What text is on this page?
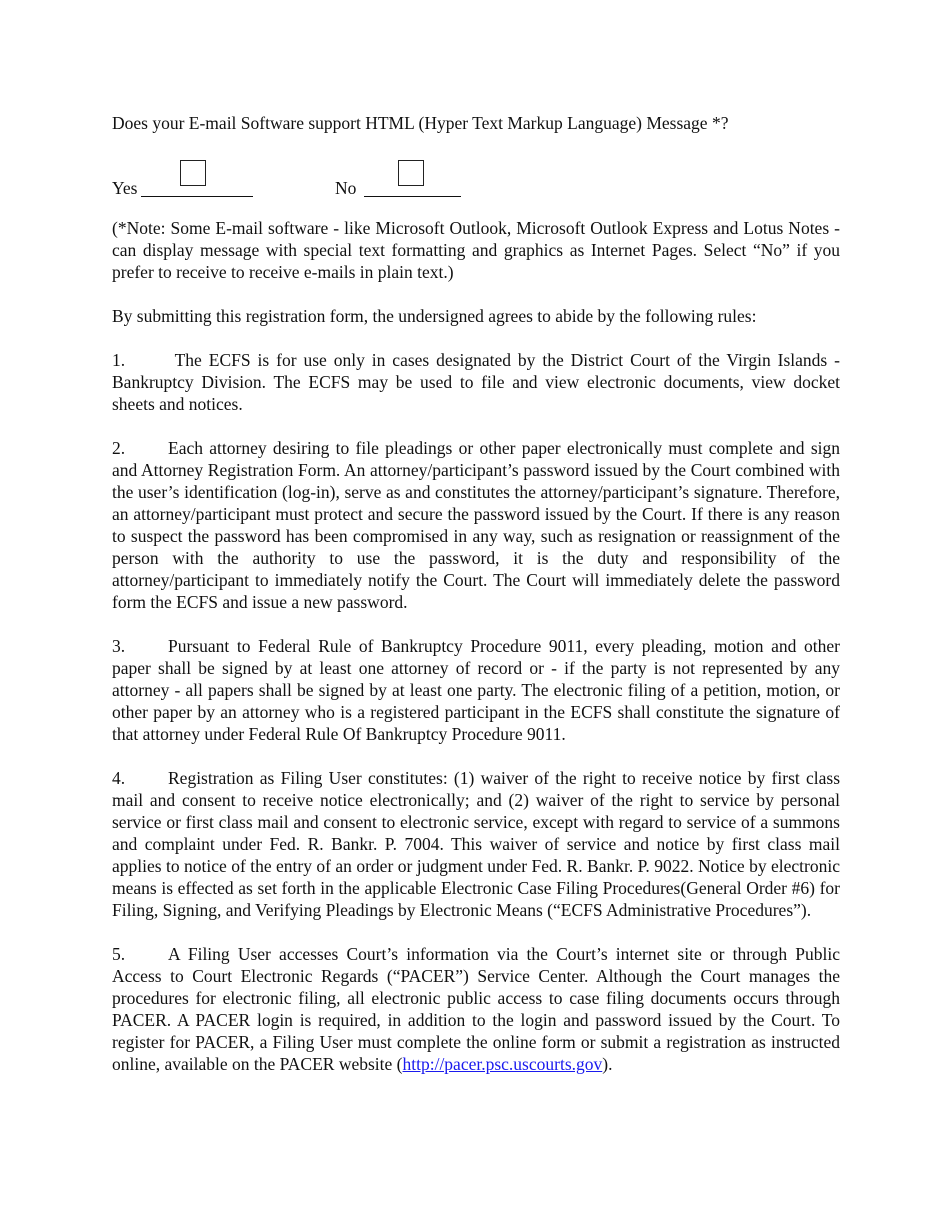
Does your E-mail Software support HTML (Hyper Text Markup Language) Message *?

Yes	No

(*Note: Some E-mail software - like Microsoft Outlook, Microsoft Outlook Express and Lotus Notes - can display message with special text formatting and graphics as Internet Pages. Select “No” if you prefer to receive to receive e-mails in plain text.)

By submitting this registration form, the undersigned agrees to abide by the following rules:

1. The ECFS is for use only in cases designated by the District Court of the Virgin Islands - Bankruptcy Division. The ECFS may be used to file and view electronic documents, view docket sheets and notices.

2. Each attorney desiring to file pleadings or other paper electronically must complete and sign and Attorney Registration Form. An attorney/participant’s password issued by the Court combined with the user’s identification (log-in), serve as and constitutes the attorney/participant’s signature. Therefore, an attorney/participant must protect and secure the password issued by the Court. If there is any reason to suspect the password has been compromised in any way, such as resignation or reassignment of the person with the authority to use the password, it is the duty and responsibility of the attorney/participant to immediately notify the Court. The Court will immediately delete the password form the ECFS and issue a new password.

3. Pursuant to Federal Rule of Bankruptcy Procedure 9011, every pleading, motion and other paper shall be signed by at least one attorney of record or - if the party is not represented by any attorney - all papers shall be signed by at least one party. The electronic filing of a petition, motion, or other paper by an attorney who is a registered participant in the ECFS shall constitute the signature of that attorney under Federal Rule Of Bankruptcy Procedure 9011.

4. Registration as Filing User constitutes: (1) waiver of the right to receive notice by first class mail and consent to receive notice electronically; and (2) waiver of the right to service by personal service or first class mail and consent to electronic service, except with regard to service of a summons and complaint under Fed. R. Bankr. P. 7004. This waiver of service and notice by first class mail applies to notice of the entry of an order or judgment under Fed. R. Bankr. P. 9022. Notice by electronic means is effected as set forth in the applicable Electronic Case Filing Procedures(General Order #6) for Filing, Signing, and Verifying Pleadings by Electronic Means (“ECFS Administrative Procedures”).

5. A Filing User accesses Court’s information via the Court’s internet site or through Public Access to Court Electronic Regards (“PACER”) Service Center. Although the Court manages the procedures for electronic filing, all electronic public access to case filing documents occurs through PACER. A PACER login is required, in addition to the login and password issued by the Court. To register for PACER, a Filing User must complete the online form or submit a registration as instructed online, available on the PACER website (http://pacer.psc.uscourts.gov).
